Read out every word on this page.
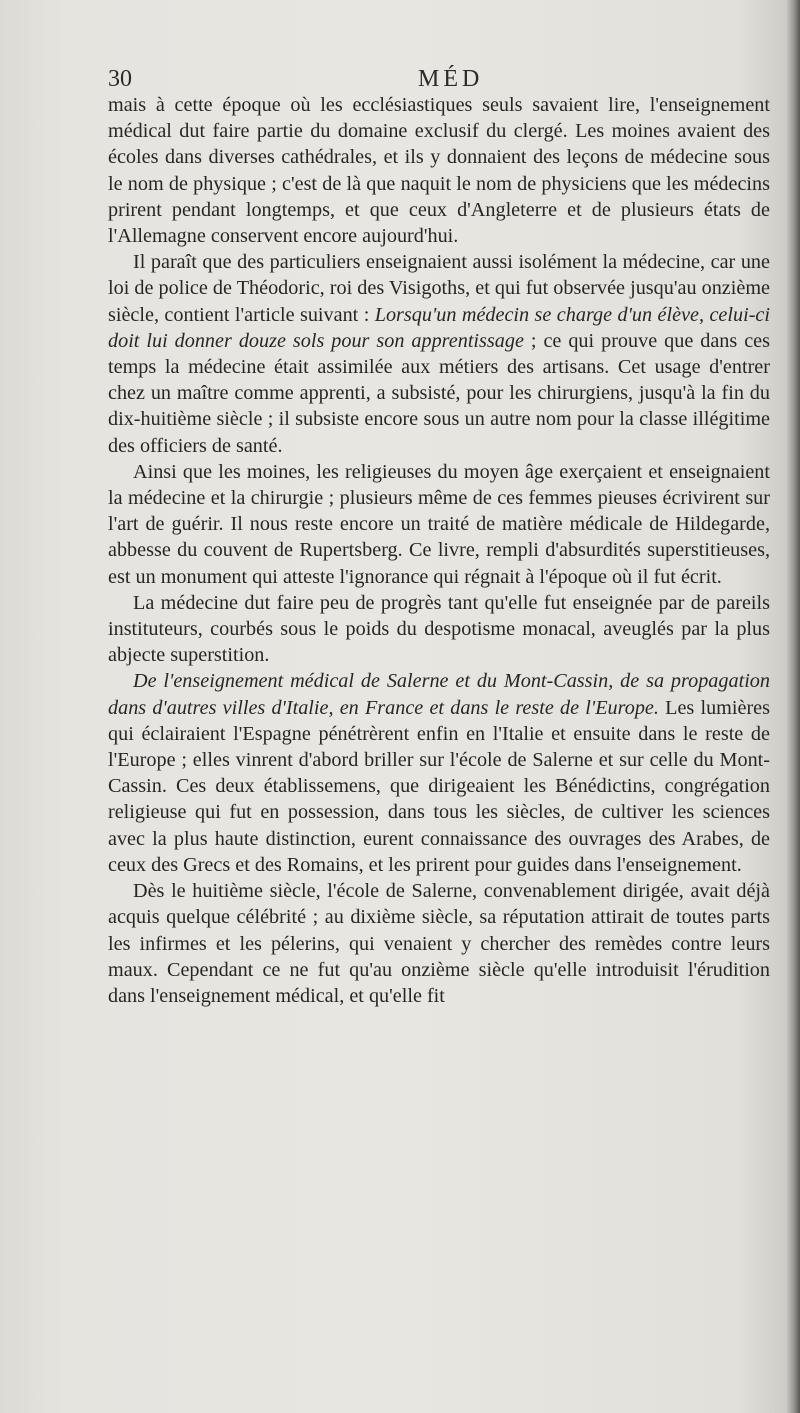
30	MÉD

mais à cette époque où les ecclésiastiques seuls savaient lire, l'enseignement médical dut faire partie du domaine exclusif du clergé. Les moines avaient des écoles dans diverses cathédrales, et ils y donnaient des leçons de médecine sous le nom de physique ; c'est de là que naquit le nom de physiciens que les médecins prirent pendant longtemps, et que ceux d'Angleterre et de plusieurs états de l'Allemagne conservent encore aujourd'hui.

Il paraît que des particuliers enseignaient aussi isolément la médecine, car une loi de police de Théodoric, roi des Visigoths, et qui fut observée jusqu'au onzième siècle, contient l'article suivant : Lorsqu'un médecin se charge d'un élève, celui-ci doit lui donner douze sols pour son apprentissage ; ce qui prouve que dans ces temps la médecine était assimilée aux métiers des artisans. Cet usage d'entrer chez un maître comme apprenti, a subsisté, pour les chirurgiens, jusqu'à la fin du dix-huitième siècle ; il subsiste encore sous un autre nom pour la classe illégitime des officiers de santé.

Ainsi que les moines, les religieuses du moyen âge exerçaient et enseignaient la médecine et la chirurgie ; plusieurs même de ces femmes pieuses écrivirent sur l'art de guérir. Il nous reste encore un traité de matière médicale de Hildegarde, abbesse du couvent de Rupertsberg. Ce livre, rempli d'absurdités superstitieuses, est un monument qui atteste l'ignorance qui régnait à l'époque où il fut écrit.

La médecine dut faire peu de progrès tant qu'elle fut enseignée par de pareils instituteurs, courbés sous le poids du despotisme monacal, aveuglés par la plus abjecte superstition.

De l'enseignement médical de Salerne et du Mont-Cassin, de sa propagation dans d'autres villes d'Italie, en France et dans le reste de l'Europe. Les lumières qui éclairaient l'Espagne pénétrèrent enfin en l'Italie et ensuite dans le reste de l'Europe ; elles vinrent d'abord briller sur l'école de Salerne et sur celle du Mont-Cassin. Ces deux établissemens, que dirigeaient les Bénédictins, congrégation religieuse qui fut en possession, dans tous les siècles, de cultiver les sciences avec la plus haute distinction, eurent connaissance des ouvrages des Arabes, de ceux des Grecs et des Romains, et les prirent pour guides dans l'enseignement.

Dès le huitième siècle, l'école de Salerne, convenablement dirigée, avait déjà acquis quelque célébrité ; au dixième siècle, sa réputation attirait de toutes parts les infirmes et les pélerins, qui venaient y chercher des remèdes contre leurs maux. Cependant ce ne fut qu'au onzième siècle qu'elle introduisit l'érudition dans l'enseignement médical, et qu'elle fit
